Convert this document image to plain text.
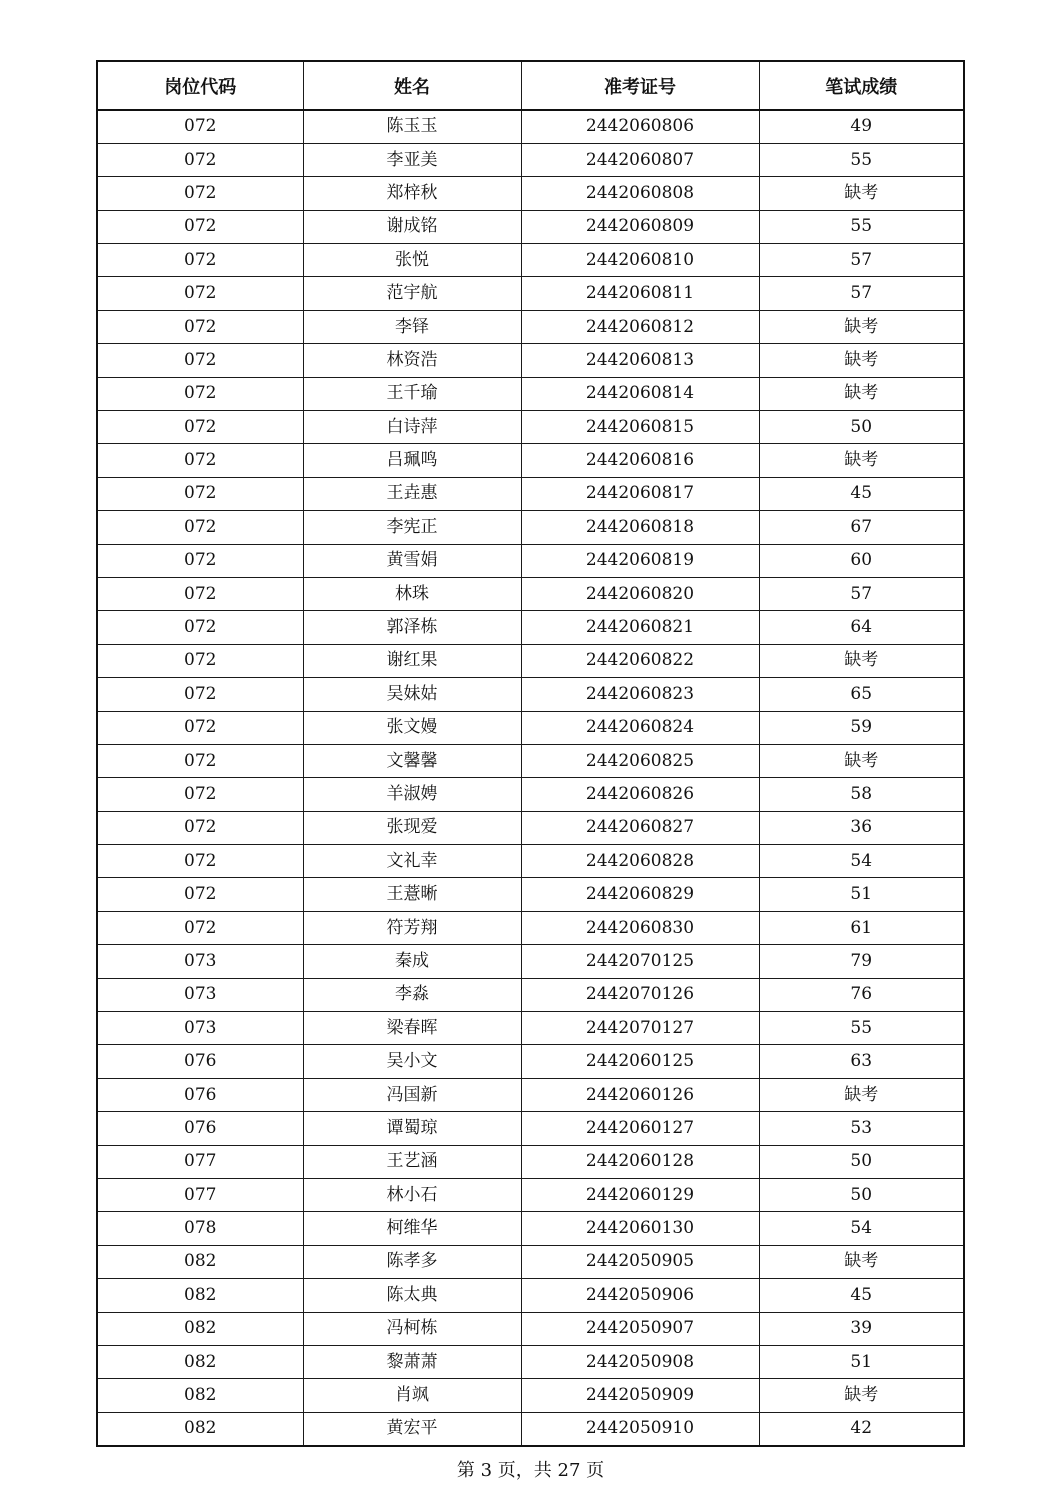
岗位代码	姓名	准考证号	笔试成绩
072	陈玉玉	2442060806	49
072	李亚美	2442060807	55
072	郑梓秋	2442060808	缺考
072	谢成铭	2442060809	55
072	张悦	2442060810	57
072	范宇航	2442060811	57
072	李铎	2442060812	缺考
072	林资浩	2442060813	缺考
072	王千瑜	2442060814	缺考
072	白诗萍	2442060815	50
072	吕珮鸣	2442060816	缺考
072	王垚惠	2442060817	45
072	李宪正	2442060818	67
072	黄雪娟	2442060819	60
072	林珠	2442060820	57
072	郭泽栋	2442060821	64
072	谢红果	2442060822	缺考
072	吴妹姑	2442060823	65
072	张文嫚	2442060824	59
072	文馨馨	2442060825	缺考
072	羊淑娉	2442060826	58
072	张现爱	2442060827	36
072	文礼幸	2442060828	54
072	王薏晰	2442060829	51
072	符芳翔	2442060830	61
073	秦成	2442070125	79
073	李淼	2442070126	76
073	梁春晖	2442070127	55
076	吴小文	2442060125	63
076	冯国新	2442060126	缺考
076	谭蜀琼	2442060127	53
077	王艺涵	2442060128	50
077	林小石	2442060129	50
078	柯维华	2442060130	54
082	陈孝多	2442050905	缺考
082	陈太典	2442050906	45
082	冯柯栋	2442050907	39
082	黎萧萧	2442050908	51
082	肖飒	2442050909	缺考
082	黄宏平	2442050910	42
第 3 页，共 27 页
